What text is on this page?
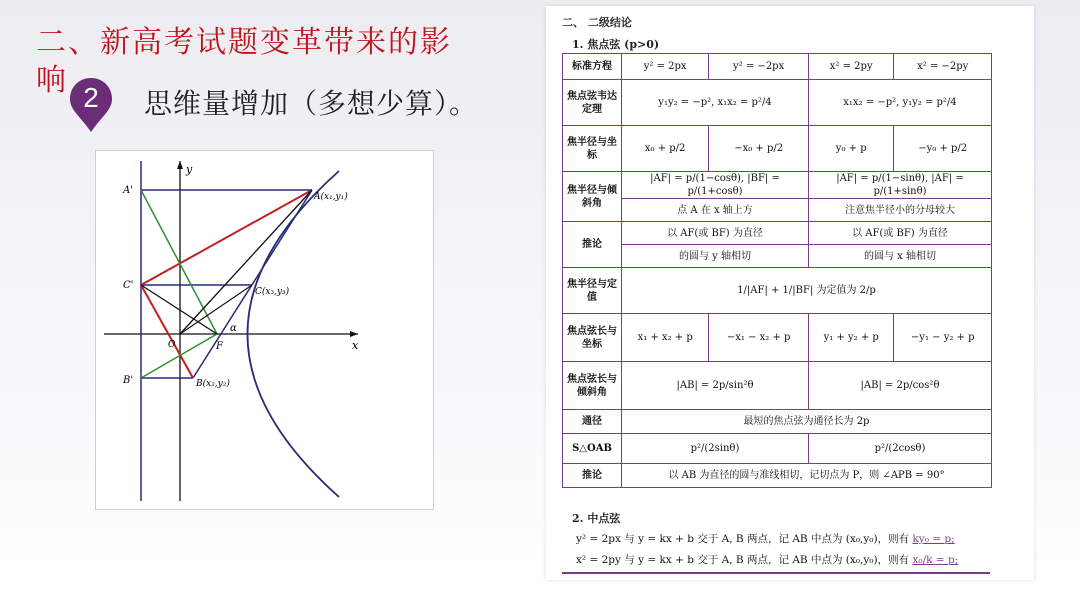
二、新高考试题变革带来的影响 2	思维量增加（多想少算）。
y
x
A'
C'
B'
A(x₁,y₁)
C(x₃,y₃)
B(x₂,y₂)
F
O
α
二、 二级结论
1. 焦点弦 (p>0)
标准方程	y² = 2px	y² = −2px	x² = 2py	x² = −2py
焦点弦韦达定理	y₁y₂ = −p², x₁x₂ = p²/4		x₁x₂ = −p², y₁y₂ = p²/4	
焦半径与坐标	x₀ + p/2	−x₀ + p/2	y₀ + p	−y₀ + p/2
焦半径与倾斜角	|AF| = p/(1−cosθ), |BF| = p/(1+cosθ)		|AF| = p/(1−sinθ), |AF| = p/(1+sinθ)	
	点 A 在 x 轴上方		注意焦半径小的分母较大	
推论	以 AF(或 BF) 为直径		以 AF(或 BF) 为直径	
	的圆与 y 轴相切		的圆与 x 轴相切	
焦半径与定值	1/|AF| + 1/|BF| 为定值为 2/p			
焦点弦长与坐标	x₁ + x₂ + p	−x₁ − x₂ + p	y₁ + y₂ + p	−y₁ − y₂ + p
焦点弦长与倾斜角	|AB| = 2p/sin²θ		|AB| = 2p/cos²θ	
通径	最短的焦点弦为通径长为 2p			
S△OAB	p²/(2sinθ)		p²/(2cosθ)	
推论	以 AB 为直径的圆与准线相切，记切点为 P，则 ∠APB = 90°			
2. 中点弦
y² = 2px 与 y = kx + b 交于 A, B 两点，记 AB 中点为 (x₀,y₀)，则有 ky₀ = p;
x² = 2py 与 y = kx + b 交于 A, B 两点，记 AB 中点为 (x₀,y₀)，则有 x₀/k = p;
